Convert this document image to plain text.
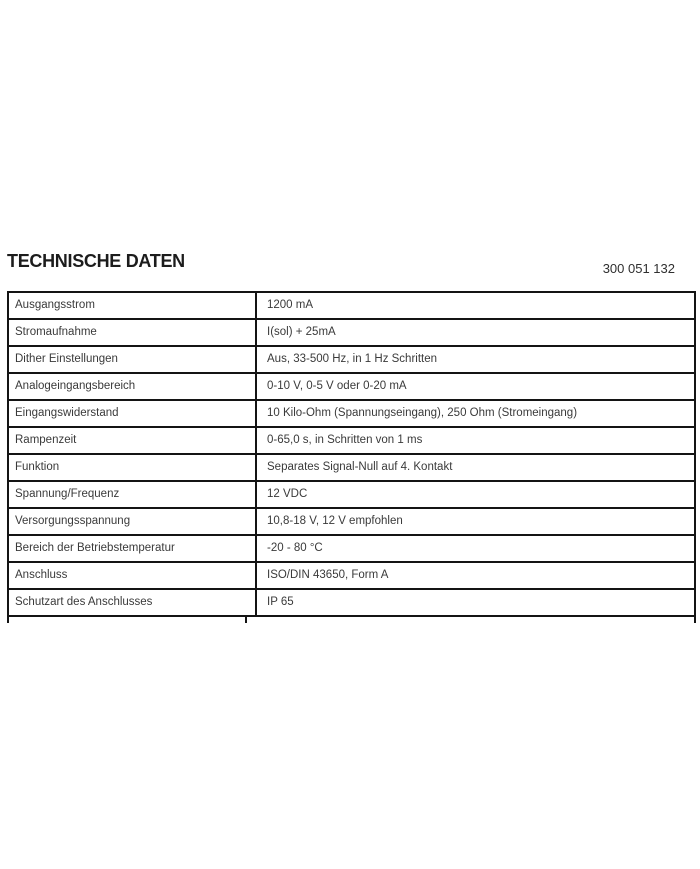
TECHNISCHE DATEN	300 051 132
Ausgangsstrom	1200 mA
Stromaufnahme	I(sol) + 25mA
Dither Einstellungen	Aus, 33-500 Hz, in 1 Hz Schritten
Analogeingangsbereich	0-10 V, 0-5 V oder 0-20 mA
Eingangswiderstand	10 Kilo-Ohm (Spannungseingang), 250 Ohm (Stromeingang)
Rampenzeit	0-65,0 s, in Schritten von 1 ms
Funktion	Separates Signal-Null auf 4. Kontakt
Spannung/Frequenz	12 VDC
Versorgungsspannung	10,8-18 V, 12 V empfohlen
Bereich der Betriebstemperatur	-20 - 80 °C
Anschluss	ISO/DIN 43650, Form A
Schutzart des Anschlusses	IP 65
